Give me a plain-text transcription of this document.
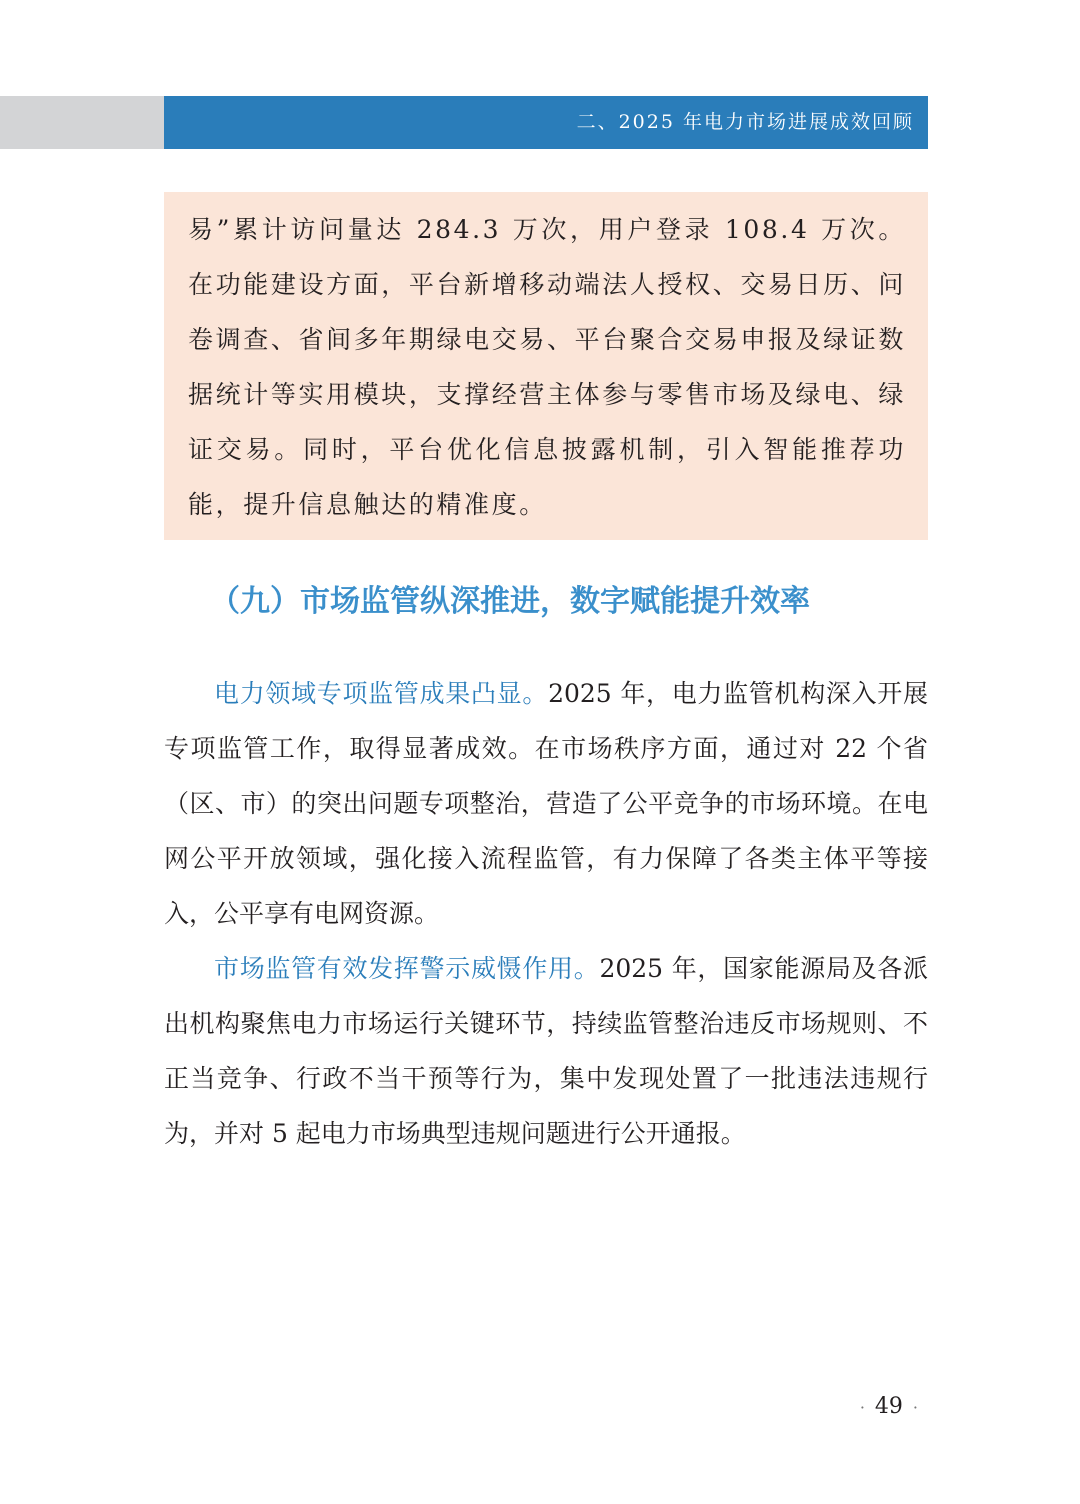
二、2025 年电力市场进展成效回顾

易”累计访问量达 284.3 万次，用户登录 108.4 万次。在功能建设方面，平台新增移动端法人授权、交易日历、问卷调查、省间多年期绿电交易、平台聚合交易申报及绿证数据统计等实用模块，支撑经营主体参与零售市场及绿电、绿证交易。同时，平台优化信息披露机制，引入智能推荐功能，提升信息触达的精准度。

（九）市场监管纵深推进，数字赋能提升效率

电力领域专项监管成果凸显。2025 年，电力监管机构深入开展专项监管工作，取得显著成效。在市场秩序方面，通过对 22 个省（区、市）的突出问题专项整治，营造了公平竞争的市场环境。在电网公平开放领域，强化接入流程监管，有力保障了各类主体平等接入，公平享有电网资源。

市场监管有效发挥警示威慑作用。2025 年，国家能源局及各派出机构聚焦电力市场运行关键环节，持续监管整治违反市场规则、不正当竞争、行政不当干预等行为，集中发现处置了一批违法违规行为，并对 5 起电力市场典型违规问题进行公开通报。

· 49 ·
